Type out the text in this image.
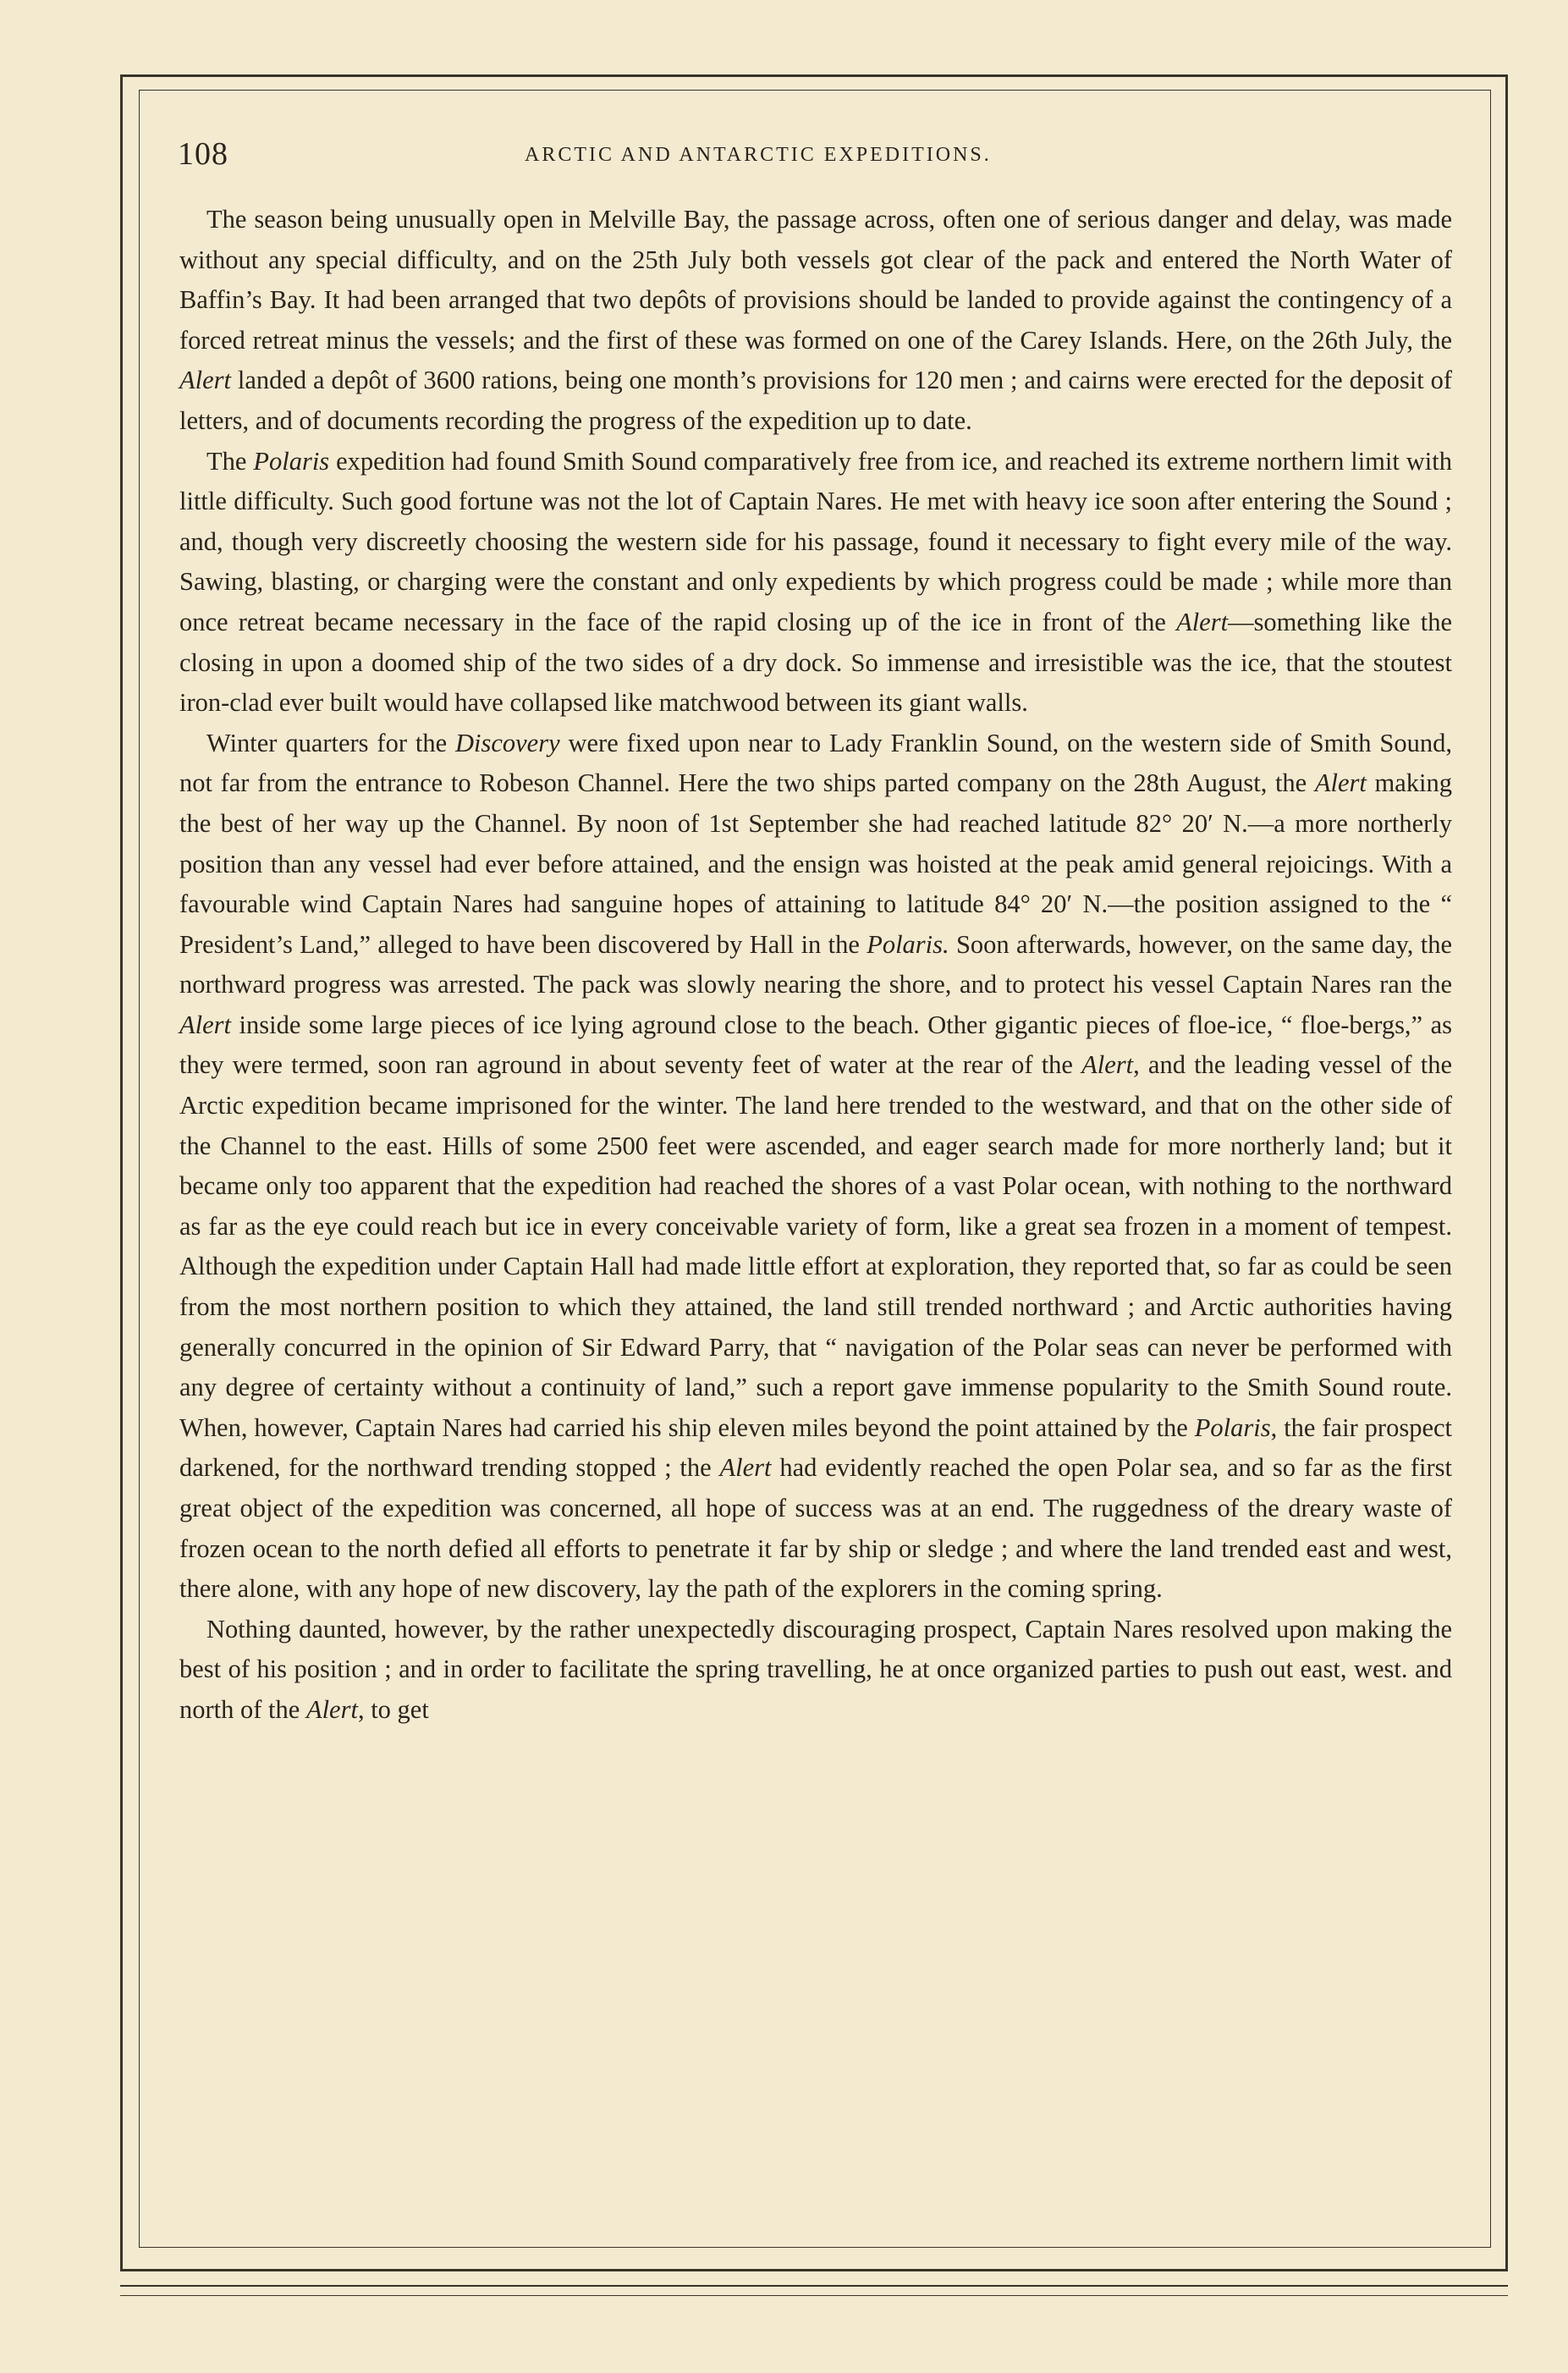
108	ARCTIC AND ANTARCTIC EXPEDITIONS.

The season being unusually open in Melville Bay, the passage across, often one of serious danger and delay, was made without any special difficulty, and on the 25th July both vessels got clear of the pack and entered the North Water of Baffin’s Bay. It had been arranged that two depôts of provisions should be landed to provide against the contingency of a forced retreat minus the vessels; and the first of these was formed on one of the Carey Islands. Here, on the 26th July, the Alert landed a depôt of 3600 rations, being one month’s provisions for 120 men ; and cairns were erected for the deposit of letters, and of documents recording the progress of the expedition up to date.

The Polaris expedition had found Smith Sound comparatively free from ice, and reached its extreme northern limit with little difficulty. Such good fortune was not the lot of Captain Nares. He met with heavy ice soon after entering the Sound ; and, though very discreetly choosing the western side for his passage, found it necessary to fight every mile of the way. Sawing, blasting, or charging were the constant and only expedients by which progress could be made ; while more than once retreat became necessary in the face of the rapid closing up of the ice in front of the Alert—something like the closing in upon a doomed ship of the two sides of a dry dock. So immense and irresistible was the ice, that the stoutest iron-clad ever built would have collapsed like matchwood between its giant walls.

Winter quarters for the Discovery were fixed upon near to Lady Franklin Sound, on the western side of Smith Sound, not far from the entrance to Robeson Channel. Here the two ships parted company on the 28th August, the Alert making the best of her way up the Channel. By noon of 1st September she had reached latitude 82° 20′ N.—a more northerly position than any vessel had ever before attained, and the ensign was hoisted at the peak amid general rejoicings. With a favourable wind Captain Nares had sanguine hopes of attaining to latitude 84° 20′ N.—the position assigned to the “ President’s Land,” alleged to have been discovered by Hall in the Polaris. Soon afterwards, however, on the same day, the northward progress was arrested. The pack was slowly nearing the shore, and to protect his vessel Captain Nares ran the Alert inside some large pieces of ice lying aground close to the beach. Other gigantic pieces of floe-ice, “ floe-bergs,” as they were termed, soon ran aground in about seventy feet of water at the rear of the Alert, and the leading vessel of the Arctic expedition became imprisoned for the winter. The land here trended to the westward, and that on the other side of the Channel to the east. Hills of some 2500 feet were ascended, and eager search made for more northerly land; but it became only too apparent that the expedition had reached the shores of a vast Polar ocean, with nothing to the northward as far as the eye could reach but ice in every conceivable variety of form, like a great sea frozen in a moment of tempest. Although the expedition under Captain Hall had made little effort at exploration, they reported that, so far as could be seen from the most northern position to which they attained, the land still trended northward ; and Arctic authorities having generally concurred in the opinion of Sir Edward Parry, that “ navigation of the Polar seas can never be performed with any degree of certainty without a continuity of land,” such a report gave immense popularity to the Smith Sound route. When, however, Captain Nares had carried his ship eleven miles beyond the point attained by the Polaris, the fair prospect darkened, for the northward trending stopped ; the Alert had evidently reached the open Polar sea, and so far as the first great object of the expedition was concerned, all hope of success was at an end. The ruggedness of the dreary waste of frozen ocean to the north defied all efforts to penetrate it far by ship or sledge ; and where the land trended east and west, there alone, with any hope of new discovery, lay the path of the explorers in the coming spring.

Nothing daunted, however, by the rather unexpectedly discouraging prospect, Captain Nares resolved upon making the best of his position ; and in order to facilitate the spring travelling, he at once organized parties to push out east, west. and north of the Alert, to get
